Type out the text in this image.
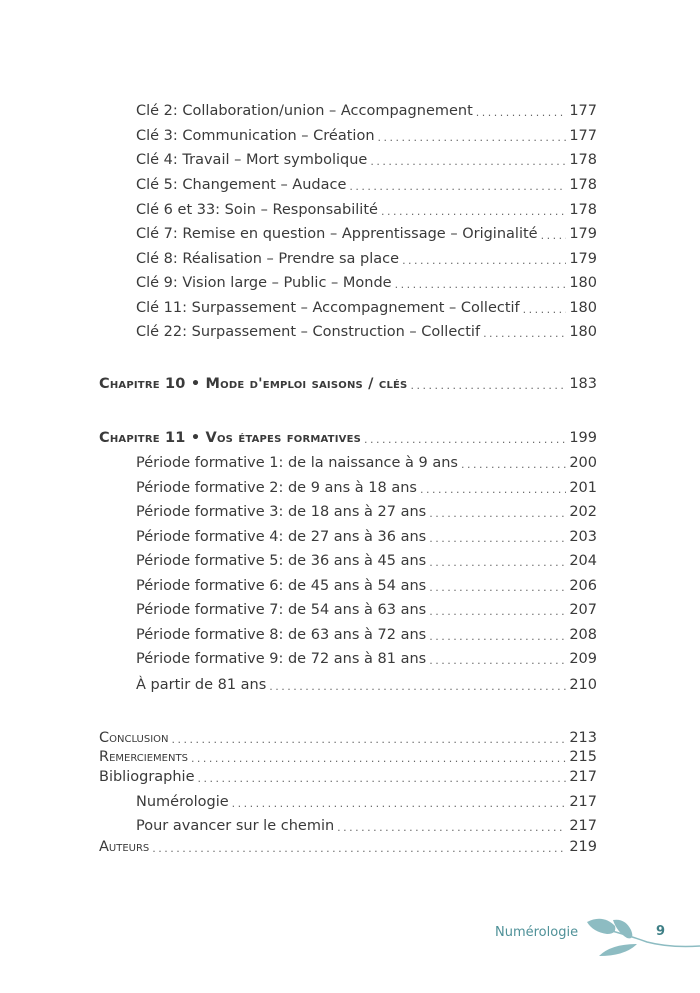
Clé 2: Collaboration/union – Accompagnement .....	177
Clé 3: Communication – Création .....	177
Clé 4: Travail – Mort symbolique .....	178
Clé 5: Changement – Audace .....	178
Clé 6 et 33: Soin – Responsabilité .....	178
Clé 7: Remise en question – Apprentissage – Originalité ..... 179
Clé 8: Réalisation – Prendre sa place .....	179
Clé 9: Vision large – Public – Monde .....	180
Clé 11: Surpassement – Accompagnement – Collectif .....	180
Clé 22: Surpassement – Construction – Collectif .....	180
Chapitre 10 • Mode d'emploi saisons / clés .....	183
Chapitre 11 • Vos étapes formatives .....	199
Période formative 1: de la naissance à 9 ans .....	200
Période formative 2: de 9 ans à 18 ans .....	201
Période formative 3: de 18 ans à 27 ans .....	202
Période formative 4: de 27 ans à 36 ans .....	203
Période formative 5: de 36 ans à 45 ans .....	204
Période formative 6: de 45 ans à 54 ans .....	206
Période formative 7: de 54 ans à 63 ans .....	207
Période formative 8: de 63 ans à 72 ans .....	208
Période formative 9: de 72 ans à 81 ans .....	209
À partir de 81 ans .....	210
Conclusion .....	213
Remerciements .....	215
Bibliographie .....	217
Numérologie .....	217
Pour avancer sur le chemin .....	217
Auteurs .....	219
Numérologie	9
